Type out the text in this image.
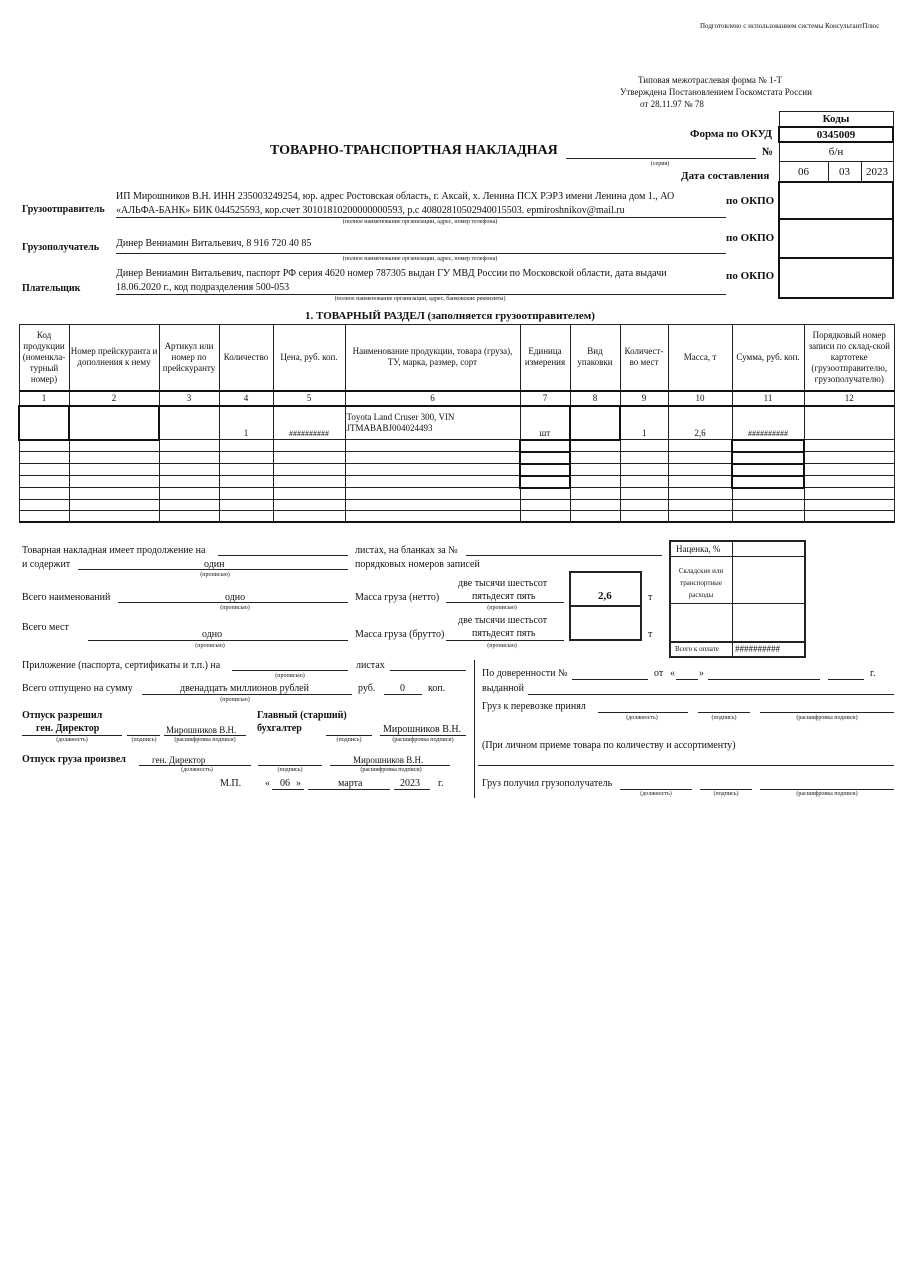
Подготовлено с использованием системы КонсультантПлюс
Типовая межотраслевая форма № 1-Т
Утверждена Постановлением Госкомстата России
от 28.11.97 № 78
Коды
0345009
б/н
06	03	2023

Форма по ОКУД
ТОВАРНО-ТРАНСПОРТНАЯ НАКЛАДНАЯ
(серия)
№
Дата составления
ИП Мирошников В.Н. ИНН 235003249254, юр. адрес Ростовская область, г. Аксай, х. Ленина ПСХ РЭРЗ имени Ленина дом 1., АО
Грузоотправитель «АЛЬФА-БАНК» БИК 044525593, кор.счет 30101810200000000593, р.с 40802810502940015503. epmiroshnikov@mail.ru
(полное наименование организации, адрес, номер телефона)
по ОКПО
Динер Вениамин Витальевич, 8 916 720 40 85
Грузополучатель
(полное наименование организации, адрес, номер телефона)
по ОКПО
Динер Вениамин Витальевич, паспорт РФ серия 4620 номер 787305 выдан ГУ МВД России по Московской области, дата выдачи
Плательщик	18.06.2020 г., код подразделения 500-053
(полное наименование организации, адрес, банковские реквизиты)
по ОКПО
1. ТОВАРНЫЙ РАЗДЕЛ (заполняется грузоотправителем)
Код продукции (номенкла-турный номер)	Номер прейскуранта и дополнения к нему	Артикул или номер по прейскуранту	Количество	Цена, руб. коп.	Наименование продукции, товара (груза), ТУ, марка, размер, сорт	Единица измерения	Вид упаковки	Количест-во мест	Масса, т	Сумма, руб. коп.	Порядковый номер записи по склад-ской картотеке (грузоотправителю, грузополучателю)
1	2	3	4	5	6	7	8	9	10	11	12
			1	##########	Toyota Land Cruser 300, VIN
JTMABABJ004024493	шт		1	2,6	##########	

Товарная накладная имеет продолжение на	листах, на бланках за №
и содержит	один
(прописью)
порядковых номеров записей
Всего наименований	одно
(прописью)
Всего мест
одно
(прописью)
Масса груза (нетто)
две тысячи шестьсот
пятьдесят пять
(прописью)
Масса груза (брутто)
две тысячи шестьсот
пятьдесят пять
(прописью)
2,6	т
т
Наценка, %
Складские или транспортные расходы
Всего к оплате ##########
Приложение (паспорта, сертификаты и т.п.) на
(прописью)
листах
Всего отпущено на сумму	двенадцать миллионов рублей
(прописью)
руб. 0 коп.
Отпуск разрешил
ген. Директор	Мирошников В.Н.
(должность)	(подпись)	(расшифровка подписи)
Главный (старший)
бухгалтер	Мирошников В.Н.
(подпись)	(расшифровка подписи)
Отпуск груза произвел	ген. Директор	Мирошников В.Н.
(должность)	(подпись)	(расшифровка подписи)
М.П. « 06 »	марта	2023 г.
По доверенности №	от « »	г.
выданной
Груз к перевозке принял
(должность)	(подпись)	(расшифровка подписи)
(При личном приеме товара по количеству и ассортименту)
Груз получил грузополучатель
(должность)	(подпись)	(расшифровка подписи)
